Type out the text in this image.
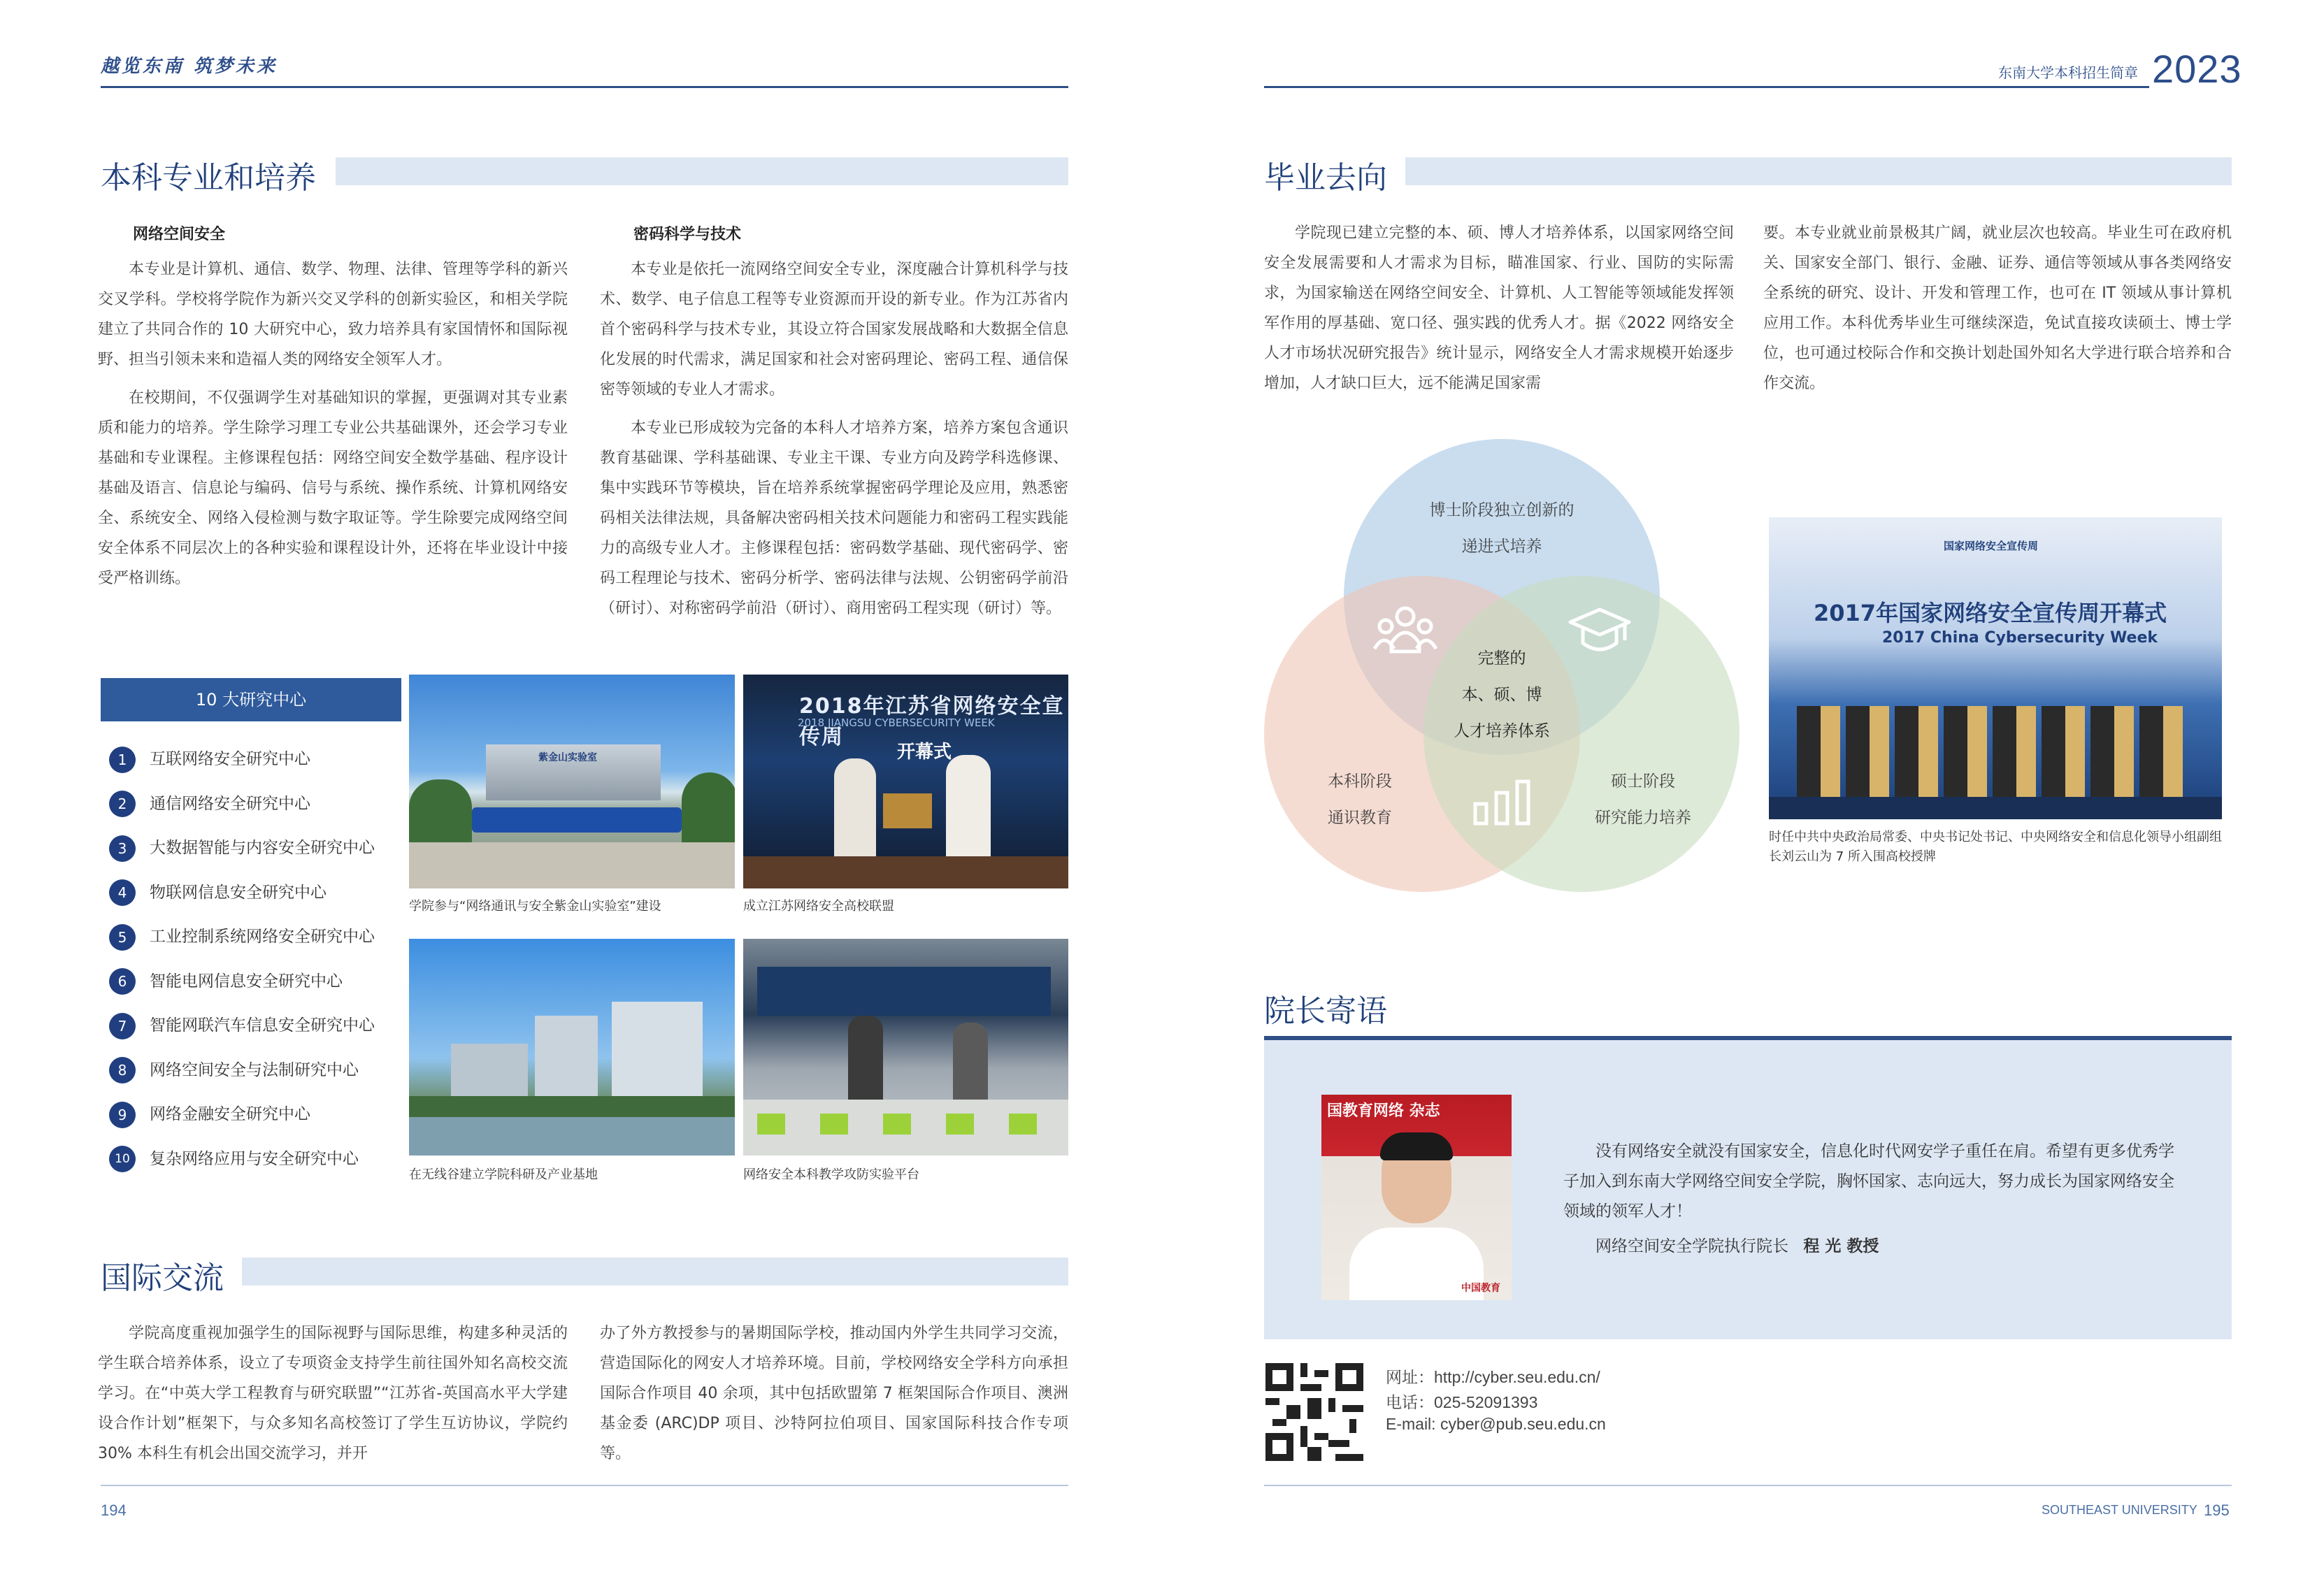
越览东南 筑梦未来	东南大学本科招生简章 2023
本科专业和培养
网络空间安全

本专业是计算机、通信、数学、物理、法律、管理等学科的新兴交叉学科。学校将学院作为新兴交叉学科的创新实验区，和相关学院建立了共同合作的 10 大研究中心，致力培养具有家国情怀和国际视野、担当引领未来和造福人类的网络安全领军人才。

在校期间，不仅强调学生对基础知识的掌握，更强调对其专业素质和能力的培养。学生除学习理工专业公共基础课外，还会学习专业基础和专业课程。主修课程包括：网络空间安全数学基础、程序设计基础及语言、信息论与编码、信号与系统、操作系统、计算机网络安全、系统安全、网络入侵检测与数字取证等。学生除要完成网络空间安全体系不同层次上的各种实验和课程设计外，还将在毕业设计中接受严格训练。

密码科学与技术

本专业是依托一流网络空间安全专业，深度融合计算机科学与技术、数学、电子信息工程等专业资源而开设的新专业。作为江苏省内首个密码科学与技术专业，其设立符合国家发展战略和大数据全信息化发展的时代需求，满足国家和社会对密码理论、密码工程、通信保密等领域的专业人才需求。

本专业已形成较为完备的本科人才培养方案，培养方案包含通识教育基础课、学科基础课、专业主干课、专业方向及跨学科选修课、集中实践环节等模块，旨在培养系统掌握密码学理论及应用，熟悉密码相关法律法规，具备解决密码相关技术问题能力和密码工程实践能力的高级专业人才。主修课程包括：密码数学基础、现代密码学、密码工程理论与技术、密码分析学、密码法律与法规、公钥密码学前沿（研讨）、对称密码学前沿（研讨）、商用密码工程实现（研讨）等。

10 大研究中心
1 互联网络安全研究中心
2 通信网络安全研究中心
3 大数据智能与内容安全研究中心
4 物联网信息安全研究中心
5 工业控制系统网络安全研究中心
6 智能电网信息安全研究中心
7 智能网联汽车信息安全研究中心
8 网络空间安全与法制研究中心
9 网络金融安全研究中心
10 复杂网络应用与安全研究中心
紫金山实验室
学院参与“网络通讯与安全紫金山实验室”建设
2018年江苏省网络安全宣传周
2018 JIANGSU CYBERSECURITY WEEK
开幕式
成立江苏网络安全高校联盟
在无线谷建立学院科研及产业基地	网络安全本科教学攻防实验平台
国际交流
学院高度重视加强学生的国际视野与国际思维，构建多种灵活的学生联合培养体系，设立了专项资金支持学生前往国外知名高校交流学习。在“中英大学工程教育与研究联盟”“江苏省-英国高水平大学建设合作计划”框架下，与众多知名高校签订了学生互访协议，学院约 30% 本科生有机会出国交流学习，并开
办了外方教授参与的暑期国际学校，推动国内外学生共同学习交流，营造国际化的网安人才培养环境。目前，学校网络安全学科方向承担国际合作项目 40 余项，其中包括欧盟第 7 框架国际合作项目、澳洲基金委 (ARC)DP 项目、沙特阿拉伯项目、国家国际科技合作专项等。
194
毕业去向
学院现已建立完整的本、硕、博人才培养体系，以国家网络空间安全发展需要和人才需求为目标，瞄准国家、行业、国防的实际需求，为国家输送在网络空间安全、计算机、人工智能等领域能发挥领军作用的厚基础、宽口径、强实践的优秀人才。据《2022 网络安全人才市场状况研究报告》统计显示，网络安全人才需求规模开始逐步增加，人才缺口巨大，远不能满足国家需
要。本专业就业前景极其广阔，就业层次也较高。毕业生可在政府机关、国家安全部门、银行、金融、证券、通信等领域从事各类网络安全系统的研究、设计、开发和管理工作，也可在 IT 领域从事计算机应用工作。本科优秀毕业生可继续深造，免试直接攻读硕士、博士学位，也可通过校际合作和交换计划赴国外知名大学进行联合培养和合作交流。
博士阶段独立创新的
递进式培养
本科阶段
通识教育
硕士阶段
研究能力培养
完整的
本、硕、博
人才培养体系
国家网络安全宣传周
2017年国家网络安全宣传周开幕式
2017 China Cybersecurity Week
时任中共中央政治局常委、中央书记处书记、中央网络安全和信息化领导小组副组长刘云山为 7 所入围高校授牌
院长寄语
国教育网络 杂志
中国教育
没有网络安全就没有国家安全，信息化时代网安学子重任在肩。希望有更多优秀学子加入到东南大学网络空间安全学院，胸怀国家、志向远大，努力成长为国家网络安全领域的领军人才！
网络空间安全学院执行院长 程 光 教授
网址：http://cyber.seu.edu.cn/
电话：025-52091393
E-mail: cyber@pub.seu.edu.cn
SOUTHEAST UNIVERSITY 195
